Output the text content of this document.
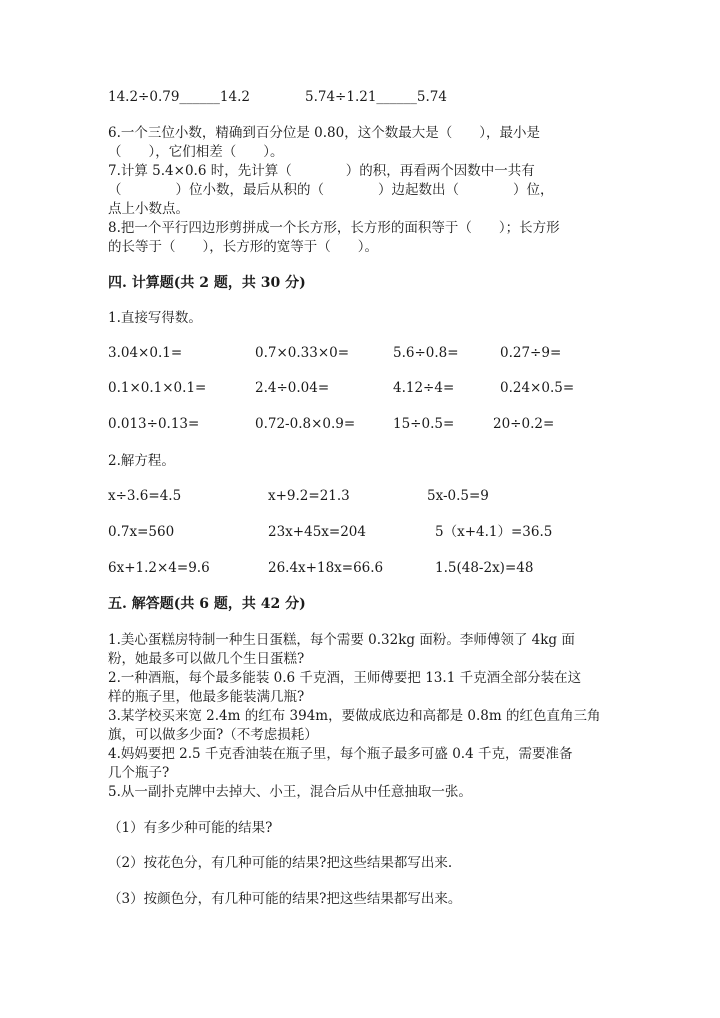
14.2÷0.79______14.2	5.74÷1.21______5.74
6.一个三位小数，精确到百分位是 0.80，这个数最大是（　　），最小是
（　　），它们相差（　　）。
7.计算 5.4×0.6 时，先计算（　　　　）的积，再看两个因数中一共有
（　　　　）位小数，最后从积的（　　　　）边起数出（　　　　）位，
点上小数点。
8.把一个平行四边形剪拼成一个长方形，长方形的面积等于（　　）；长方形
的长等于（　　），长方形的宽等于（　　）。
四. 计算题(共 2 题，共 30 分)
1.直接写得数。
3.04×0.1=	0.7×0.33×0=	5.6÷0.8=	0.27÷9=
0.1×0.1×0.1=	2.4÷0.04=	4.12÷4=	0.24×0.5=
0.013÷0.13=	0.72-0.8×0.9=	15÷0.5=	20÷0.2=
2.解方程。
x÷3.6=4.5	x+9.2=21.3	5x-0.5=9
0.7x=560	23x+45x=204	5（x+4.1）=36.5
6x+1.2×4=9.6	26.4x+18x=66.6	1.5(48-2x)=48
五. 解答题(共 6 题，共 42 分)
1.美心蛋糕房特制一种生日蛋糕，每个需要 0.32kg 面粉。李师傅领了 4kg 面
粉，她最多可以做几个生日蛋糕?
2.一种酒瓶，每个最多能装 0.6 千克酒，王师傅要把 13.1 千克酒全部分装在这
样的瓶子里，他最多能装满几瓶?
3.某学校买来宽 2.4m 的红布 394m，要做成底边和高都是 0.8m 的红色直角三角
旗，可以做多少面?（不考虑损耗）
4.妈妈要把 2.5 千克香油装在瓶子里，每个瓶子最多可盛 0.4 千克，需要准备
几个瓶子?
5.从一副扑克牌中去掉大、小王，混合后从中任意抽取一张。
（1）有多少种可能的结果?
（2）按花色分，有几种可能的结果?把这些结果都写出来.
（3）按颜色分，有几种可能的结果?把这些结果都写出来。
